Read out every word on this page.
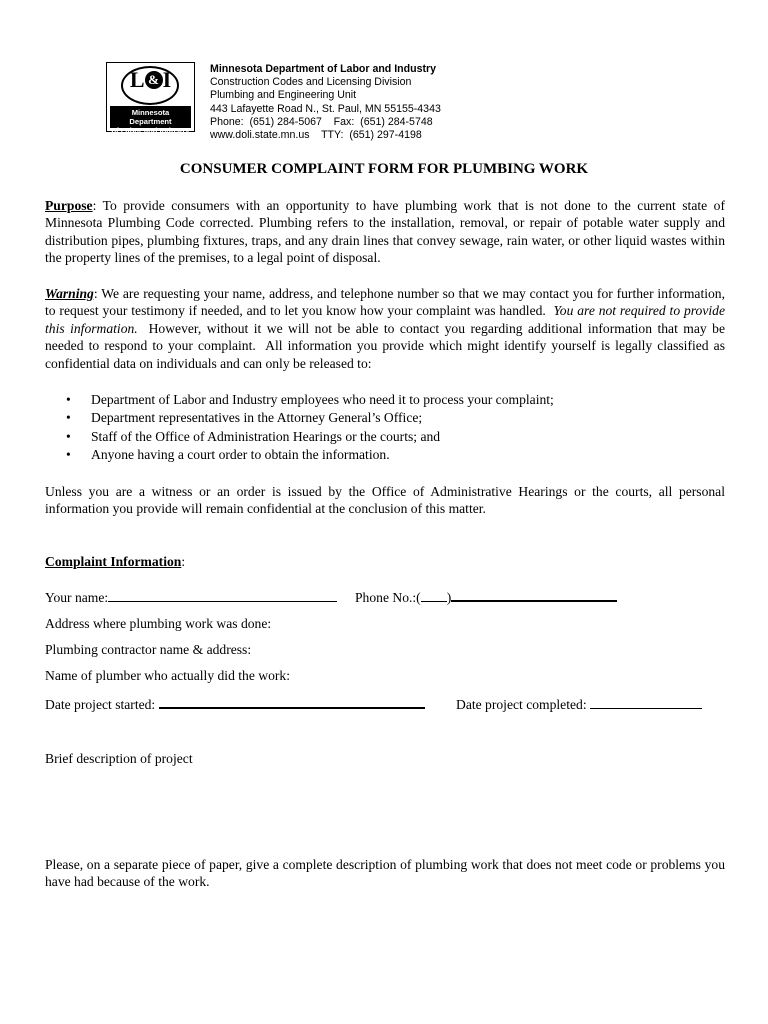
L & I
Minnesota Department
of Labor and Industry
Minnesota Department of Labor and Industry
Construction Codes and Licensing Division
Plumbing and Engineering Unit
443 Lafayette Road N., St. Paul, MN 55155-4343
Phone:  (651) 284-5067    Fax:  (651) 284-5748
www.doli.state.mn.us    TTY:  (651) 297-4198
CONSUMER COMPLAINT FORM FOR PLUMBING WORK

Purpose: To provide consumers with an opportunity to have plumbing work that is not done to the current state of Minnesota Plumbing Code corrected. Plumbing refers to the installation, removal, or repair of potable water supply and distribution pipes, plumbing fixtures, traps, and any drain lines that convey sewage, rain water, or other liquid wastes within the property lines of the premises, to a legal point of disposal.

Warning: We are requesting your name, address, and telephone number so that we may contact you for further information, to request your testimony if needed, and to let you know how your complaint was handled.  You are not required to provide this information.  However, without it we will not be able to contact you regarding additional information that may be needed to respond to your complaint.  All information you provide which might identify yourself is legally classified as confidential data on individuals and can only be released to:

• Department of Labor and Industry employees who need it to process your complaint;
• Department representatives in the Attorney General’s Office;
• Staff of the Office of Administration Hearings or the courts; and
• Anyone having a court order to obtain the information.

Unless you are a witness or an order is issued by the Office of Administrative Hearings or the courts, all personal information you provide will remain confidential at the conclusion of this matter.

Complaint Information:
Your name:	Phone No.:( )
Address where plumbing work was done:
Plumbing contractor name & address:
Name of plumber who actually did the work:
Date project started:	Date project completed:
Brief description of project

Please, on a separate piece of paper, give a complete description of plumbing work that does not meet code or problems you have had because of the work.
